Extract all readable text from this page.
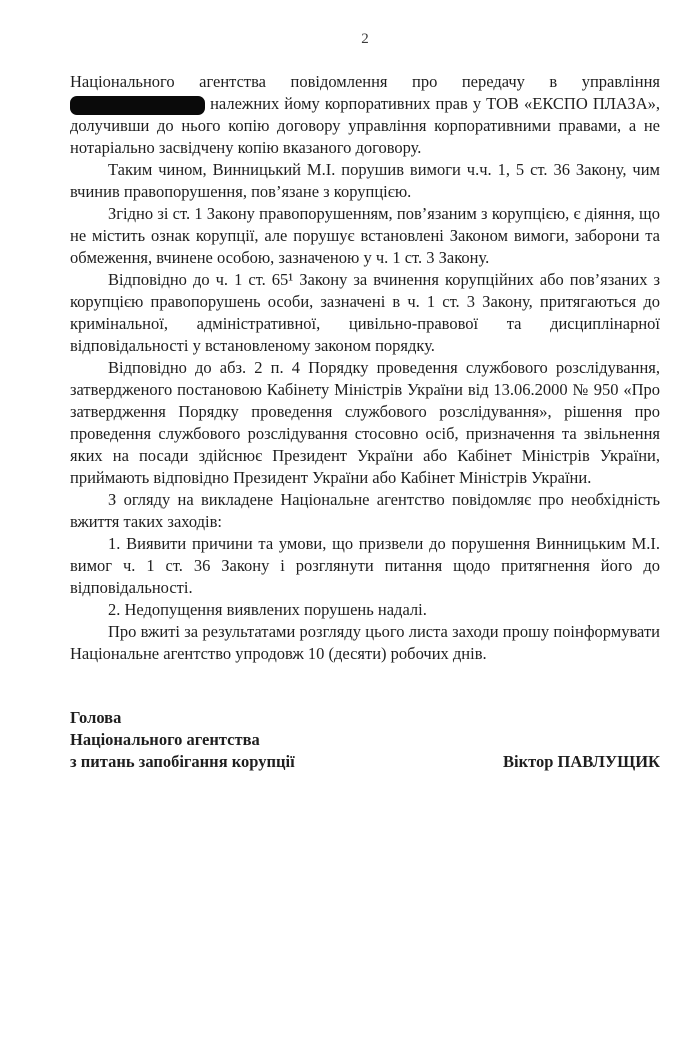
2

Національного агентства повідомлення про передачу в управління  належних йому корпоративних прав у ТОВ «ЕКСПО ПЛАЗА», долучивши до нього копію договору управління корпоративними правами, а не нотаріально засвідчену копію вказаного договору.

Таким чином, Винницький М.І. порушив вимоги ч.ч. 1, 5 ст. 36 Закону, чим вчинив правопорушення, пов’язане з корупцією.

Згідно зі ст. 1 Закону правопорушенням, пов’язаним з корупцією, є діяння, що не містить ознак корупції, але порушує встановлені Законом вимоги, заборони та обмеження, вчинене особою, зазначеною у ч. 1 ст. 3 Закону.

Відповідно до ч. 1 ст. 65¹ Закону за вчинення корупційних або пов’язаних з корупцією правопорушень особи, зазначені в ч. 1 ст. 3 Закону, притягаються до кримінальної, адміністративної, цивільно-правової та дисциплінарної відповідальності у встановленому законом порядку.

Відповідно до абз. 2 п. 4 Порядку проведення службового розслідування, затвердженого постановою Кабінету Міністрів України від 13.06.2000 № 950 «Про затвердження Порядку проведення службового розслідування», рішення про проведення службового розслідування стосовно осіб, призначення та звільнення яких на посади здійснює Президент України або Кабінет Міністрів України, приймають відповідно Президент України або Кабінет Міністрів України.

З огляду на викладене Національне агентство повідомляє про необхідність вжиття таких заходів:

1. Виявити причини та умови, що призвели до порушення Винницьким М.І. вимог ч. 1 ст. 36 Закону і розглянути питання щодо притягнення його до відповідальності.

2. Недопущення виявлених порушень надалі.

Про вжиті за результатами розгляду цього листа заходи прошу поінформувати Національне агентство упродовж 10 (десяти) робочих днів.

Голова
Національного агентства
з питань запобігання корупції	Віктор ПАВЛУЩИК
